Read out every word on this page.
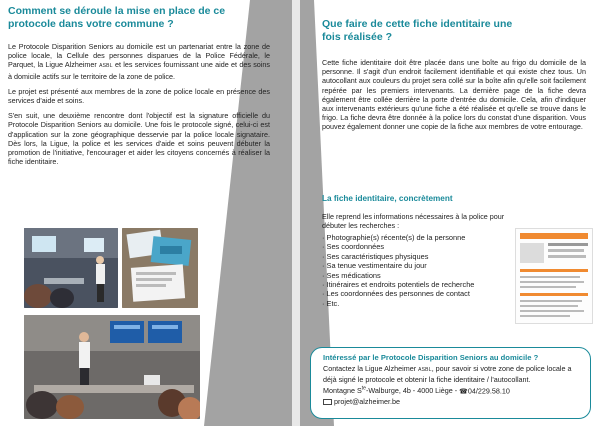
Comment se déroule la mise en place de ce protocole dans votre commune ?

Le Protocole Disparition Seniors au domicile est un partenariat entre la zone de police locale, la Cellule des personnes disparues de la Police Fédérale, le Parquet, la Ligue Alzheimer ASBL et les services fournissant une aide et des soins à domicile actifs sur le territoire de la zone de police.

Le projet est présenté aux membres de la zone de police locale en présence des services d'aide et soins.

S'en suit, une deuxième rencontre dont l'objectif est la signature officielle du Protocole Disparition Seniors au domicile. Une fois le protocole signé, celui-ci est d'application sur la zone géographique desservie par la police locale signataire. Dès lors, la Ligue, la police et les services d'aide et soins peuvent débuter la promotion de l'initiative, l'encourager et aider les citoyens concernés à réaliser la fiche identitaire.

Que faire de cette fiche identitaire une fois réalisée ?
Cette fiche identitaire doit être placée dans une boîte au frigo du domicile de la personne. Il s'agit d'un endroit facilement identifiable et qui existe chez tous. Un autocollant aux couleurs du projet sera collé sur la boîte afin qu'elle soit facilement repérée par les premiers intervenants. La dernière page de la fiche devra également être collée derrière la porte d'entrée du domicile. Cela, afin d'indiquer aux intervenants extérieurs qu'une fiche a été réalisée et qu'elle se trouve dans le frigo. La fiche devra être donnée à la police lors du constat d'une disparition. Vous pouvez également donner une copie de la fiche aux membres de votre entourage.
La fiche identitaire, concrètement
Elle reprend les informations nécessaires à la police pour débuter les recherches :
· Photographie(s) récente(s) de la personne
· Ses coordonnées
· Ses caractéristiques physiques
· Sa tenue vestimentaire du jour
· Ses médications
· Itinéraires et endroits potentiels de recherche
· Les coordonnées des personnes de contact
· Etc.
Intéressé par le Protocole Disparition Seniors au domicile ?
Contactez la Ligue Alzheimer ASBL, pour savoir si votre zone de police locale a déjà signé le protocole et obtenir la fiche identitaire / l'autocollant.
Montagne $S^{te}$-Walburge, 4b - 4000 Liège - ☎04/229.58.10
projet@alzheimer.be
